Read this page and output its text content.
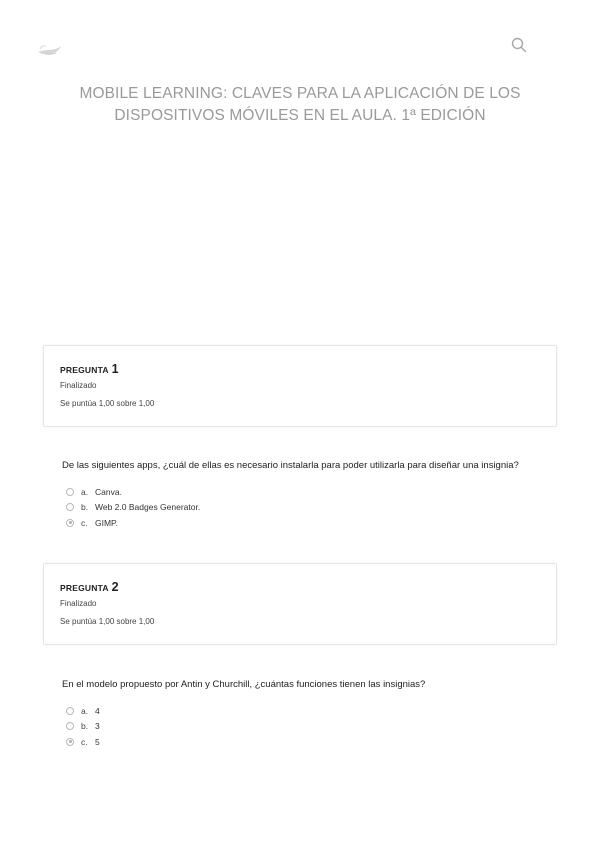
MOBILE LEARNING: CLAVES PARA LA APLICACIÓN DE LOS DISPOSITIVOS MÓVILES EN EL AULA. 1ª EDICIÓN
PREGUNTA 1
Finalizado
Se puntúa 1,00 sobre 1,00

De las siguientes apps, ¿cuál de ellas es necesario instalarla para poder utilizarla para diseñar una insignia?

a. Canva.
b. Web 2.0 Badges Generator.
c. GIMP.
PREGUNTA 2
Finalizado
Se puntúa 1,00 sobre 1,00

En el modelo propuesto por Antin y Churchill, ¿cuántas funciones tienen las insignias?

a. 4
b. 3
c. 5
